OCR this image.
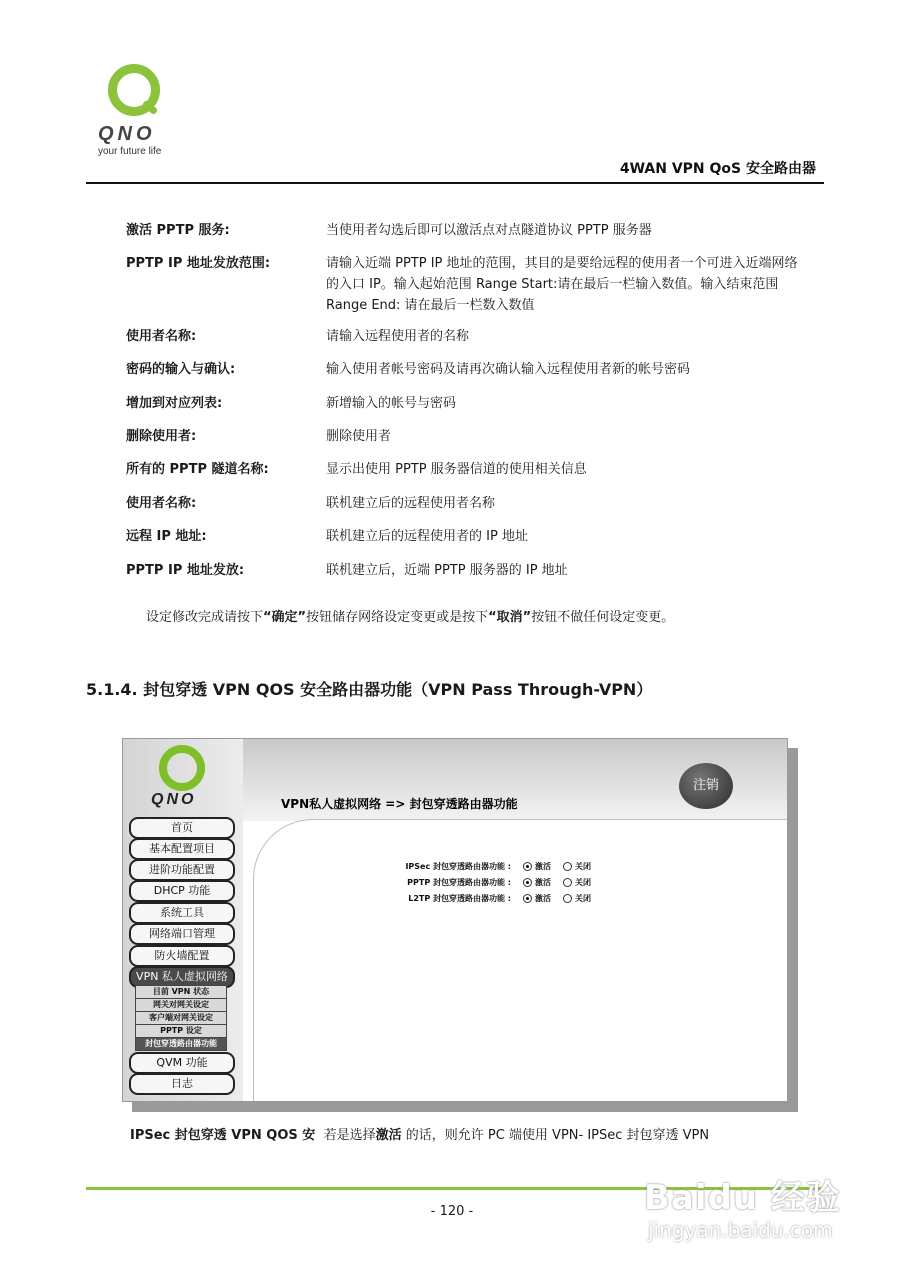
QNO
your future life
4WAN VPN QoS 安全路由器
激活 PPTP 服务:	当使用者勾选后即可以激活点对点隧道协议 PPTP 服务器
PPTP IP 地址发放范围:	请输入近端 PPTP IP 地址的范围，其目的是要给远程的使用者一个可进入近端网络的入口 IP。输入起始范围 Range Start:请在最后一栏输入数值。输入结束范围 Range End: 请在最后一栏数入数值
使用者名称:	请输入远程使用者的名称
密码的输入与确认:	输入使用者帐号密码及请再次确认输入远程使用者新的帐号密码
增加到对应列表:	新增输入的帐号与密码
删除使用者:	删除使用者
所有的 PPTP 隧道名称:	显示出使用 PPTP 服务器信道的使用相关信息
使用者名称:	联机建立后的远程使用者名称
远程 IP 地址:	联机建立后的远程使用者的 IP 地址
PPTP IP 地址发放:	联机建立后，近端 PPTP 服务器的 IP 地址
设定修改完成请按下“确定”按钮储存网络设定变更或是按下“取消”按钮不做任何设定变更。
5.1.4. 封包穿透 VPN QOS 安全路由器功能（VPN Pass Through-VPN）
QNO
注销
VPN私人虚拟网络 => 封包穿透路由器功能
首页
基本配置项目
进阶功能配置
DHCP 功能
系统工具
网络端口管理
防火墙配置
VPN 私人虚拟网络
目前 VPN 状态
网关对网关设定
客户端对网关设定
PPTP 设定
封包穿透路由器功能
QVM 功能
日志
IPSec 封包穿透路由器功能 :	激活	关闭
PPTP 封包穿透路由器功能 :	激活	关闭
L2TP 封包穿透路由器功能 :	激活	关闭
IPSec 封包穿透 VPN QOS 安 若是选择激活 的话，则允许 PC 端使用 VPN- IPSec 封包穿透 VPN
- 120 -	Baidu 经验
jingyan.baidu.com
